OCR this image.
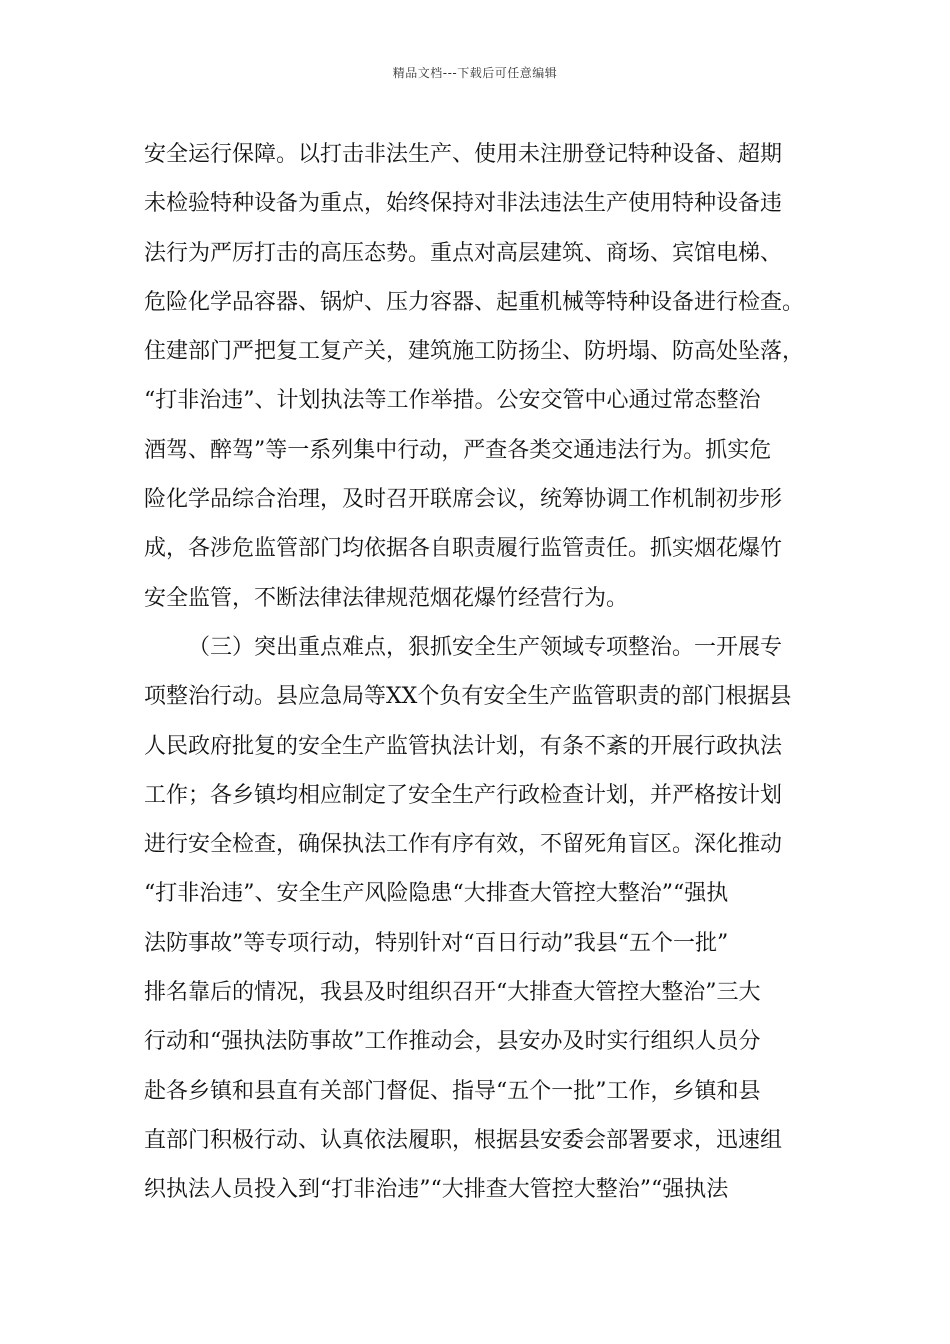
精品文档---下载后可任意编辑
安全运行保障。以打击非法生产、使用未注册登记特种设备、超期
未检验特种设备为重点，始终保持对非法违法生产使用特种设备违
法行为严厉打击的高压态势。重点对高层建筑、商场、宾馆电梯、
危险化学品容器、锅炉、压力容器、起重机械等特种设备进行检查。
住建部门严把复工复产关，建筑施工防扬尘、防坍塌、防高处坠落，
“打非治违”、计划执法等工作举措。公安交管中心通过常态整治
酒驾、醉驾”等一系列集中行动，严查各类交通违法行为。抓实危
险化学品综合治理，及时召开联席会议，统筹协调工作机制初步形
成，各涉危监管部门均依据各自职责履行监管责任。抓实烟花爆竹
安全监管，不断法律法律规范烟花爆竹经营行为。
（三）突出重点难点，狠抓安全生产领域专项整治。一开展专
项整治行动。县应急局等XX个负有安全生产监管职责的部门根据县
人民政府批复的安全生产监管执法计划，有条不紊的开展行政执法
工作；各乡镇均相应制定了安全生产行政检查计划，并严格按计划
进行安全检查，确保执法工作有序有效，不留死角盲区。深化推动
“打非治违”、安全生产风险隐患“大排查大管控大整治”“强执
法防事故”等专项行动，特别针对“百日行动”我县“五个一批”
排名靠后的情况，我县及时组织召开“大排查大管控大整治”三大
行动和“强执法防事故”工作推动会，县安办及时实行组织人员分
赴各乡镇和县直有关部门督促、指导“五个一批”工作，乡镇和县
直部门积极行动、认真依法履职，根据县安委会部署要求，迅速组
织执法人员投入到“打非治违”“大排查大管控大整治”“强执法
